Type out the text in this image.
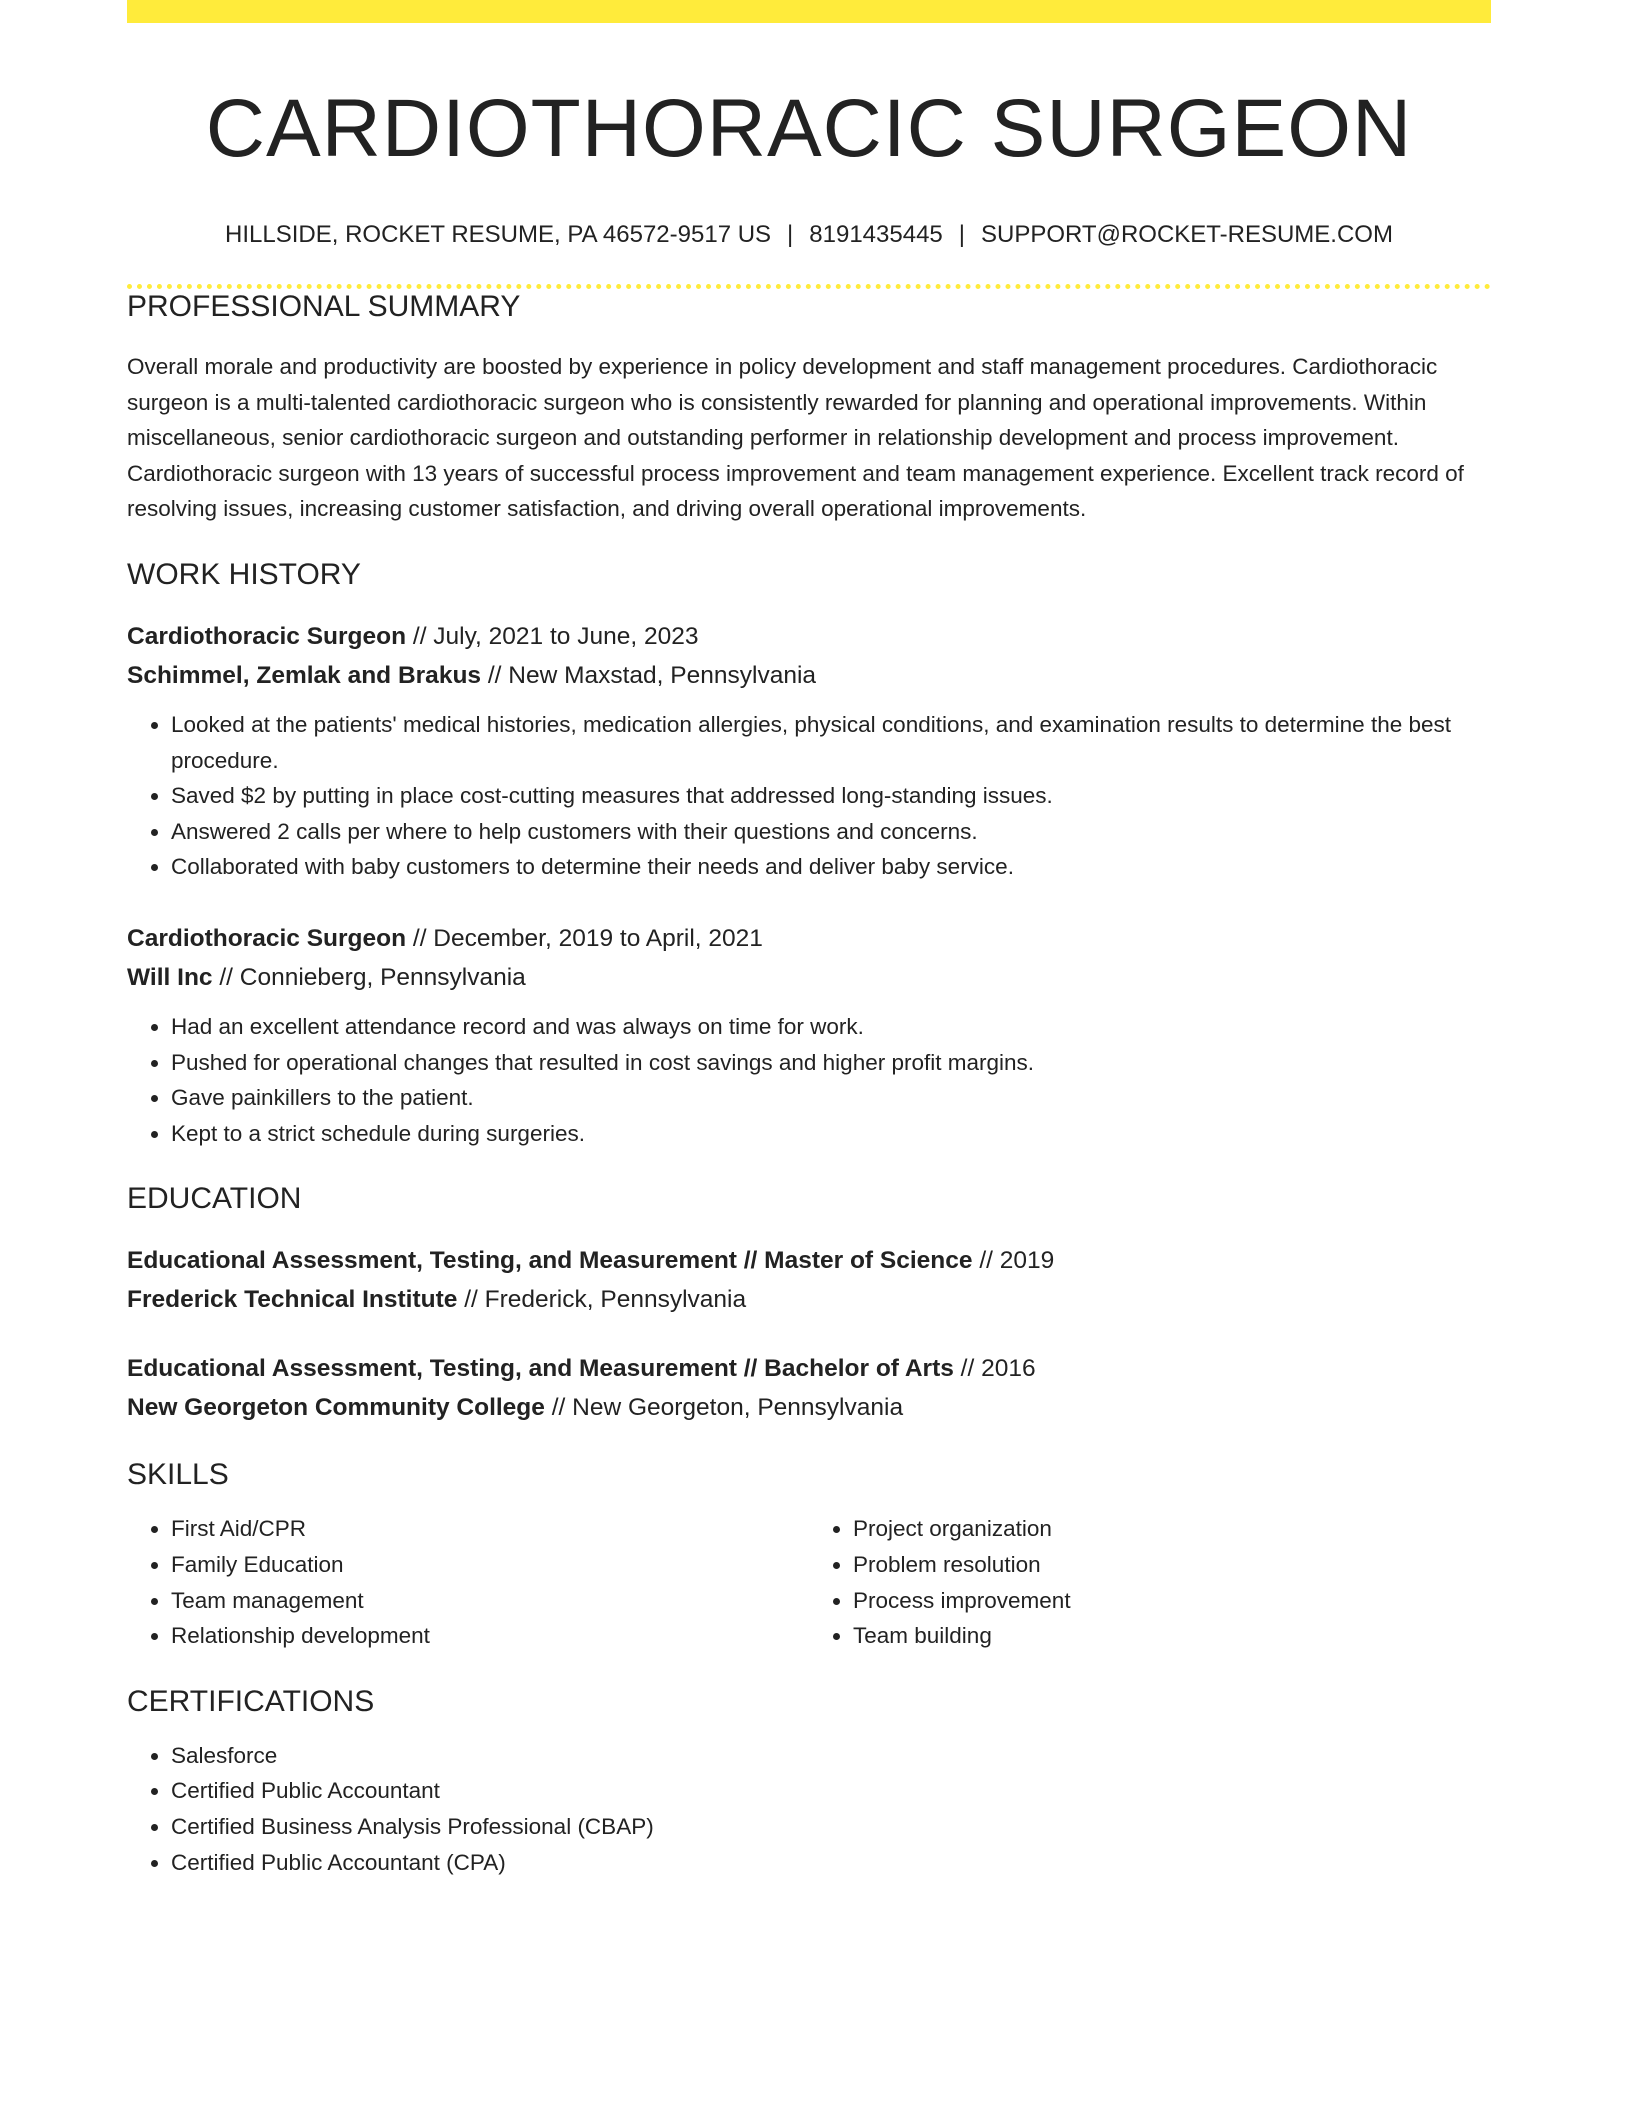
CARDIOTHORACIC SURGEON
HILLSIDE, ROCKET RESUME, PA 46572-9517 US | 8191435445 | SUPPORT@ROCKET-RESUME.COM
PROFESSIONAL SUMMARY

Overall morale and productivity are boosted by experience in policy development and staff management procedures. Cardiothoracic surgeon is a multi-talented cardiothoracic surgeon who is consistently rewarded for planning and operational improvements. Within miscellaneous, senior cardiothoracic surgeon and outstanding performer in relationship development and process improvement. Cardiothoracic surgeon with 13 years of successful process improvement and team management experience. Excellent track record of resolving issues, increasing customer satisfaction, and driving overall operational improvements.

WORK HISTORY

Cardiothoracic Surgeon // July, 2021 to June, 2023

Schimmel, Zemlak and Brakus // New Maxstad, Pennsylvania

• Looked at the patients' medical histories, medication allergies, physical conditions, and examination results to determine the best procedure.
• Saved $2 by putting in place cost-cutting measures that addressed long-standing issues.
• Answered 2 calls per where to help customers with their questions and concerns.
• Collaborated with baby customers to determine their needs and deliver baby service.

Cardiothoracic Surgeon // December, 2019 to April, 2021

Will Inc // Connieberg, Pennsylvania

• Had an excellent attendance record and was always on time for work.
• Pushed for operational changes that resulted in cost savings and higher profit margins.
• Gave painkillers to the patient.
• Kept to a strict schedule during surgeries.
EDUCATION

Educational Assessment, Testing, and Measurement // Master of Science // 2019

Frederick Technical Institute // Frederick, Pennsylvania

Educational Assessment, Testing, and Measurement // Bachelor of Arts // 2016

New Georgeton Community College // New Georgeton, Pennsylvania

SKILLS
• First Aid/CPR
• Family Education
• Team management
• Relationship development
• Project organization
• Problem resolution
• Process improvement
• Team building
CERTIFICATIONS
• Salesforce
• Certified Public Accountant
• Certified Business Analysis Professional (CBAP)
• Certified Public Accountant (CPA)
